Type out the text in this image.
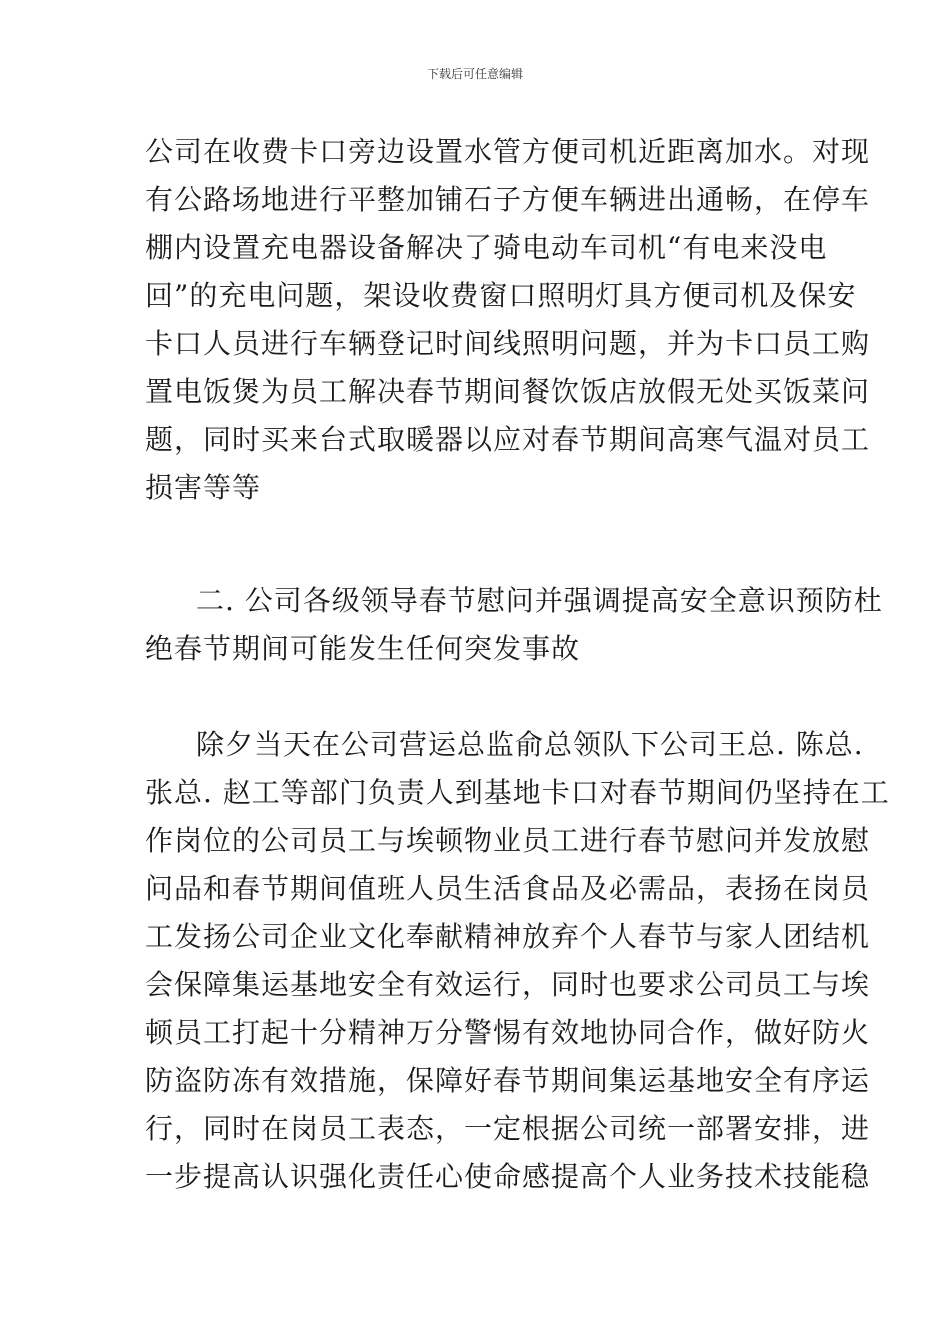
下载后可任意编辑
公司在收费卡口旁边设置水管方便司机近距离加水。对现
有公路场地进行平整加铺石子方便车辆进出通畅，在停车
棚内设置充电器设备解决了骑电动车司机“有电来没电
回”的充电问题，架设收费窗口照明灯具方便司机及保安
卡口人员进行车辆登记时间线照明问题，并为卡口员工购
置电饭煲为员工解决春节期间餐饮饭店放假无处买饭菜问
题，同时买来台式取暖器以应对春节期间高寒气温对员工
损害等等
二. 公司各级领导春节慰问并强调提高安全意识预防杜
绝春节期间可能发生任何突发事故
除夕当天在公司营运总监俞总领队下公司王总. 陈总.
张总. 赵工等部门负责人到基地卡口对春节期间仍坚持在工
作岗位的公司员工与埃顿物业员工进行春节慰问并发放慰
问品和春节期间值班人员生活食品及必需品，表扬在岗员
工发扬公司企业文化奉献精神放弃个人春节与家人团结机
会保障集运基地安全有效运行，同时也要求公司员工与埃
顿员工打起十分精神万分警惕有效地协同合作，做好防火
防盗防冻有效措施，保障好春节期间集运基地安全有序运
行，同时在岗员工表态，一定根据公司统一部署安排，进
一步提高认识强化责任心使命感提高个人业务技术技能稳
